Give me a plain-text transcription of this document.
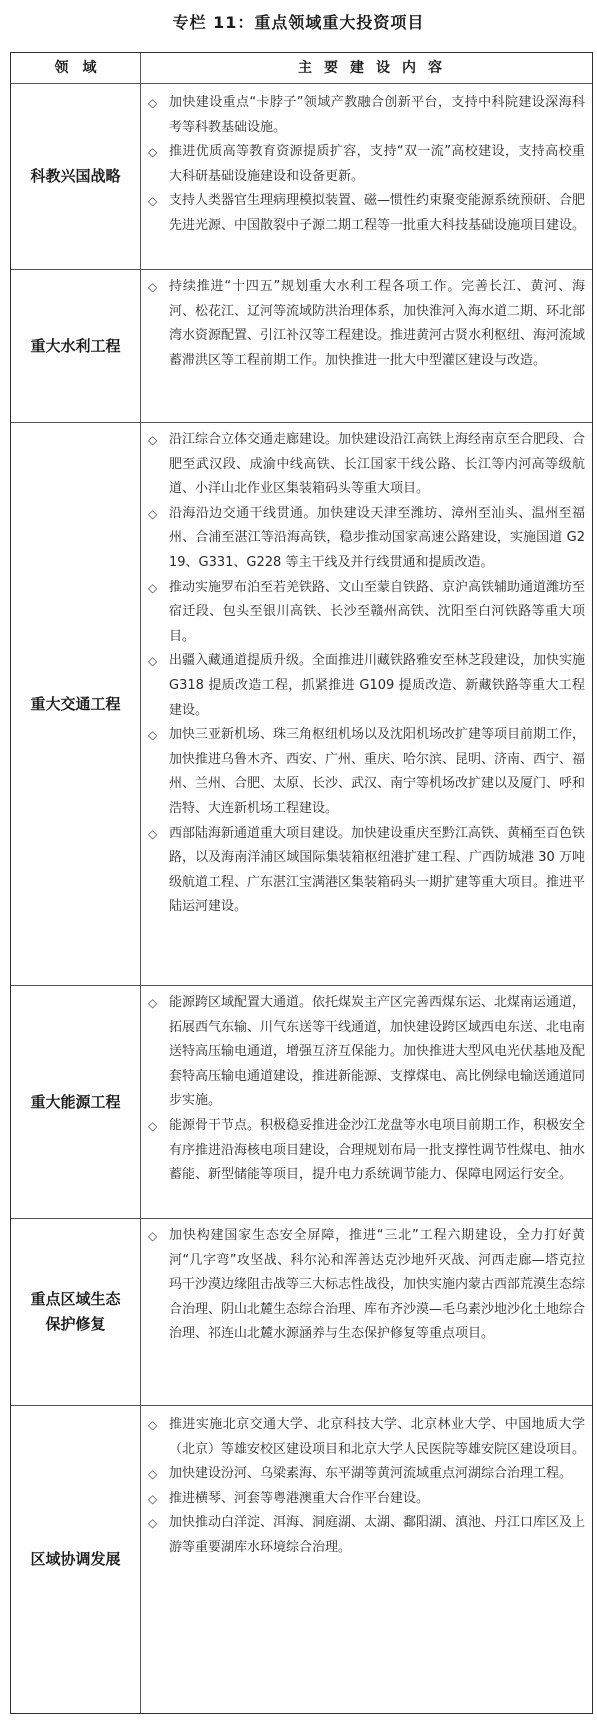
专栏 11：重点领域重大投资项目
领域	主要建设内容
科教兴国战略
◇ 加快建设重点“卡脖子”领域产教融合创新平台，支持中科院建设深海科考等科教基础设施。
◇ 推进优质高等教育资源提质扩容，支持“双一流”高校建设，支持高校重大科研基础设施建设和设备更新。
◇ 支持人类器官生理病理模拟装置、磁—惯性约束聚变能源系统预研、合肥先进光源、中国散裂中子源二期工程等一批重大科技基础设施项目建设。
重大水利工程
◇ 持续推进“十四五”规划重大水利工程各项工作。完善长江、黄河、海河、松花江、辽河等流域防洪治理体系，加快淮河入海水道二期、环北部湾水资源配置、引江补汉等工程建设。推进黄河古贤水利枢纽、海河流域蓄滞洪区等工程前期工作。加快推进一批大中型灌区建设与改造。
重大交通工程
◇ 沿江综合立体交通走廊建设。加快建设沿江高铁上海经南京至合肥段、合肥至武汉段、成渝中线高铁、长江国家干线公路、长江等内河高等级航道、小洋山北作业区集装箱码头等重大项目。
◇ 沿海沿边交通干线贯通。加快建设天津至潍坊、漳州至汕头、温州至福州、合浦至湛江等沿海高铁，稳步推动国家高速公路建设，实施国道 G219、G331、G228 等主干线及并行线贯通和提质改造。
◇ 推动实施罗布泊至若羌铁路、文山至蒙自铁路、京沪高铁辅助通道潍坊至宿迁段、包头至银川高铁、长沙至赣州高铁、沈阳至白河铁路等重大项目。
◇ 出疆入藏通道提质升级。全面推进川藏铁路雅安至林芝段建设，加快实施 G318 提质改造工程，抓紧推进 G109 提质改造、新藏铁路等重大工程建设。
◇ 加快三亚新机场、珠三角枢纽机场以及沈阳机场改扩建等项目前期工作，加快推进乌鲁木齐、西安、广州、重庆、哈尔滨、昆明、济南、西宁、福州、兰州、合肥、太原、长沙、武汉、南宁等机场改扩建以及厦门、呼和浩特、大连新机场工程建设。
◇ 西部陆海新通道重大项目建设。加快建设重庆至黔江高铁、黄桶至百色铁路，以及海南洋浦区域国际集装箱枢纽港扩建工程、广西防城港 30 万吨级航道工程、广东湛江宝满港区集装箱码头一期扩建等重大项目。推进平陆运河建设。
重大能源工程
◇ 能源跨区域配置大通道。依托煤炭主产区完善西煤东运、北煤南运通道，拓展西气东输、川气东送等干线通道，加快建设跨区域西电东送、北电南送特高压输电通道，增强互济互保能力。加快推进大型风电光伏基地及配套特高压输电通道建设，推进新能源、支撑煤电、高比例绿电输送通道同步实施。
◇ 能源骨干节点。积极稳妥推进金沙江龙盘等水电项目前期工作，积极安全有序推进沿海核电项目建设，合理规划布局一批支撑性调节性煤电、抽水蓄能、新型储能等项目，提升电力系统调节能力、保障电网运行安全。
重点区域生态保护修复
◇ 加快构建国家生态安全屏障，推进“三北”工程六期建设，全力打好黄河“几字弯”攻坚战、科尔沁和浑善达克沙地歼灭战、河西走廊—塔克拉玛干沙漠边缘阻击战等三大标志性战役，加快实施内蒙古西部荒漠生态综合治理、阴山北麓生态综合治理、库布齐沙漠—毛乌素沙地沙化土地综合治理、祁连山北麓水源涵养与生态保护修复等重点项目。
区域协调发展
◇ 推进实施北京交通大学、北京科技大学、北京林业大学、中国地质大学（北京）等雄安校区建设项目和北京大学人民医院等雄安院区建设项目。
◇ 加快建设汾河、乌梁素海、东平湖等黄河流域重点河湖综合治理工程。
◇ 推进横琴、河套等粤港澳重大合作平台建设。
◇ 加快推动白洋淀、洱海、洞庭湖、太湖、鄱阳湖、滇池、丹江口库区及上游等重要湖库水环境综合治理。
